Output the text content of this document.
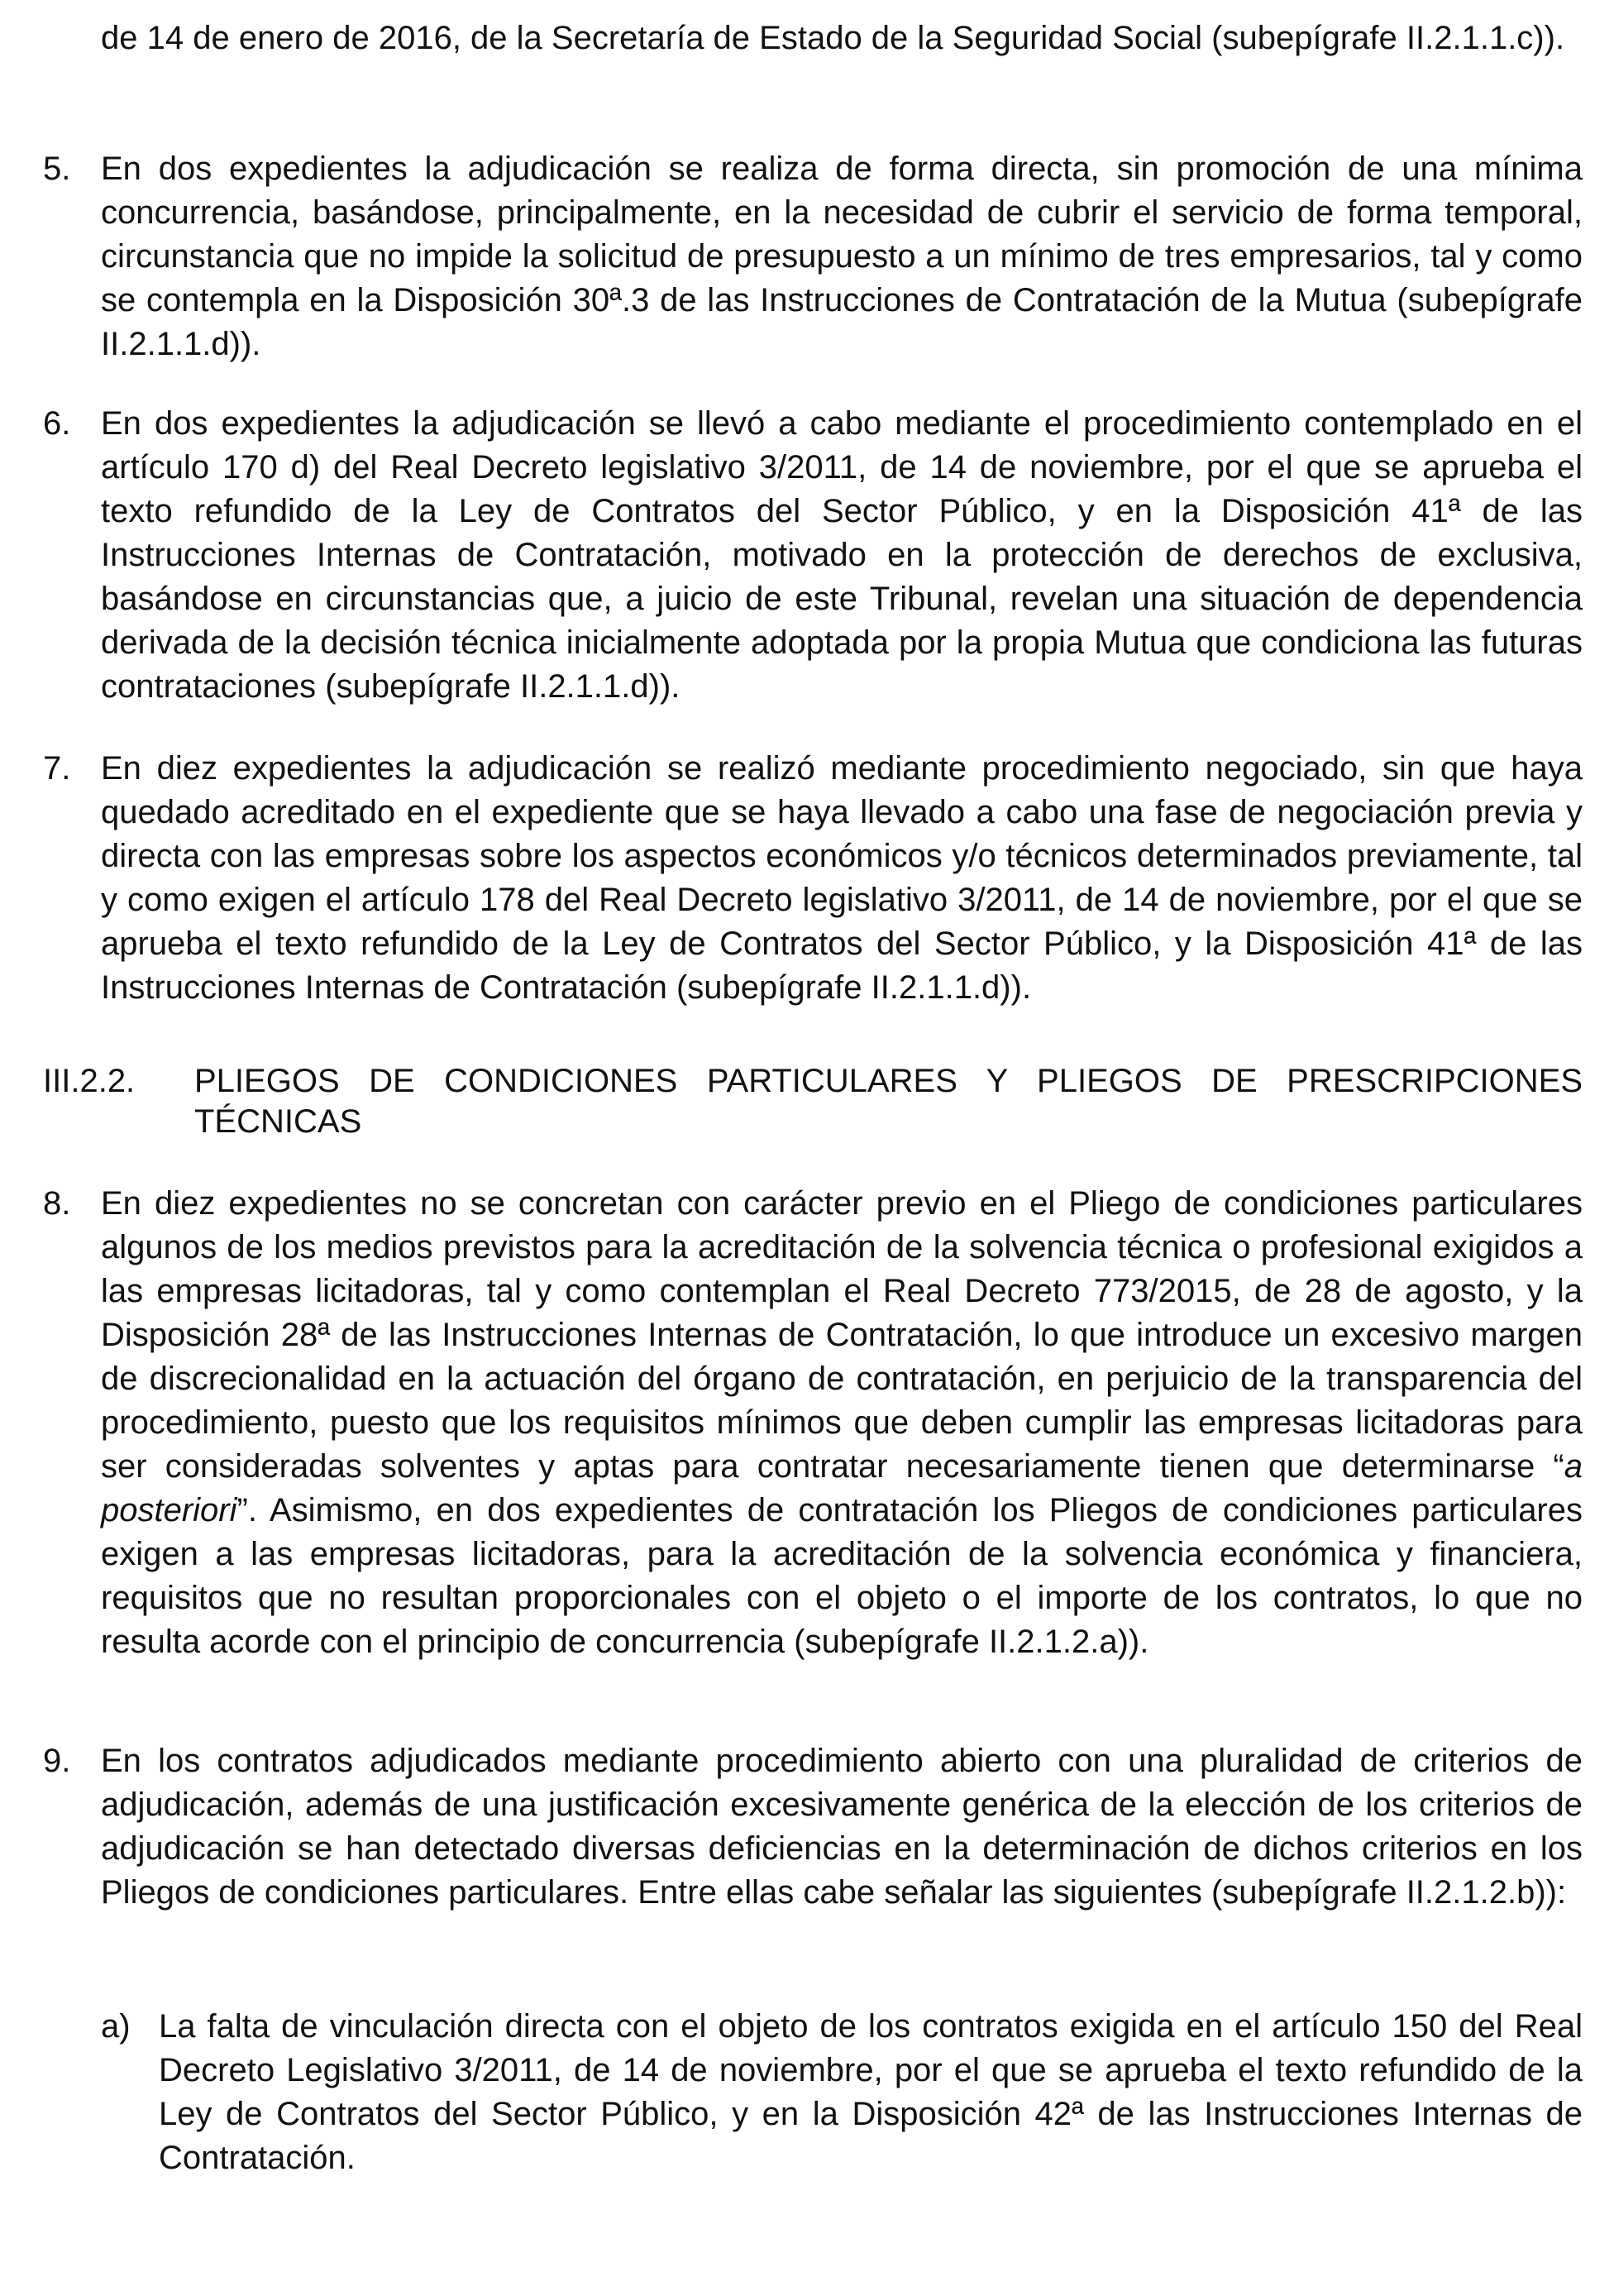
de 14 de enero de 2016, de la Secretaría de Estado de la Seguridad Social (subepígrafe II.2.1.1.c)).
5. En dos expedientes la adjudicación se realiza de forma directa, sin promoción de una mínima concurrencia, basándose, principalmente, en la necesidad de cubrir el servicio de forma temporal, circunstancia que no impide la solicitud de presupuesto a un mínimo de tres empresarios, tal y como se contempla en la Disposición 30ª.3 de las Instrucciones de Contratación de la Mutua (subepígrafe II.2.1.1.d)).
6. En dos expedientes la adjudicación se llevó a cabo mediante el procedimiento contemplado en el artículo 170 d) del Real Decreto legislativo 3/2011, de 14 de noviembre, por el que se aprueba el texto refundido de la Ley de Contratos del Sector Público, y en la Disposición 41ª de las Instrucciones Internas de Contratación, motivado en la protección de derechos de exclusiva, basándose en circunstancias que, a juicio de este Tribunal, revelan una situación de dependencia derivada de la decisión técnica inicialmente adoptada por la propia Mutua que condiciona las futuras contrataciones (subepígrafe II.2.1.1.d)).
7. En diez expedientes la adjudicación se realizó mediante procedimiento negociado, sin que haya quedado acreditado en el expediente que se haya llevado a cabo una fase de negociación previa y directa con las empresas sobre los aspectos económicos y/o técnicos determinados previamente, tal y como exigen el artículo 178 del Real Decreto legislativo 3/2011, de 14 de noviembre, por el que se aprueba el texto refundido de la Ley de Contratos del Sector Público, y la Disposición 41ª de las Instrucciones Internas de Contratación (subepígrafe II.2.1.1.d)).
III.2.2. PLIEGOS DE CONDICIONES PARTICULARES Y PLIEGOS DE PRESCRIPCIONES TÉCNICAS
8. En diez expedientes no se concretan con carácter previo en el Pliego de condiciones particulares algunos de los medios previstos para la acreditación de la solvencia técnica o profesional exigidos a las empresas licitadoras, tal y como contemplan el Real Decreto 773/2015, de 28 de agosto, y la Disposición 28ª de las Instrucciones Internas de Contratación, lo que introduce un excesivo margen de discrecionalidad en la actuación del órgano de contratación, en perjuicio de la transparencia del procedimiento, puesto que los requisitos mínimos que deben cumplir las empresas licitadoras para ser consideradas solventes y aptas para contratar necesariamente tienen que determinarse “a posteriori”. Asimismo, en dos expedientes de contratación los Pliegos de condiciones particulares exigen a las empresas licitadoras, para la acreditación de la solvencia económica y financiera, requisitos que no resultan proporcionales con el objeto o el importe de los contratos, lo que no resulta acorde con el principio de concurrencia (subepígrafe II.2.1.2.a)).
9. En los contratos adjudicados mediante procedimiento abierto con una pluralidad de criterios de adjudicación, además de una justificación excesivamente genérica de la elección de los criterios de adjudicación se han detectado diversas deficiencias en la determinación de dichos criterios en los Pliegos de condiciones particulares. Entre ellas cabe señalar las siguientes (subepígrafe II.2.1.2.b)):
a) La falta de vinculación directa con el objeto de los contratos exigida en el artículo 150 del Real Decreto Legislativo 3/2011, de 14 de noviembre, por el que se aprueba el texto refundido de la Ley de Contratos del Sector Público, y en la Disposición 42ª de las Instrucciones Internas de Contratación.
